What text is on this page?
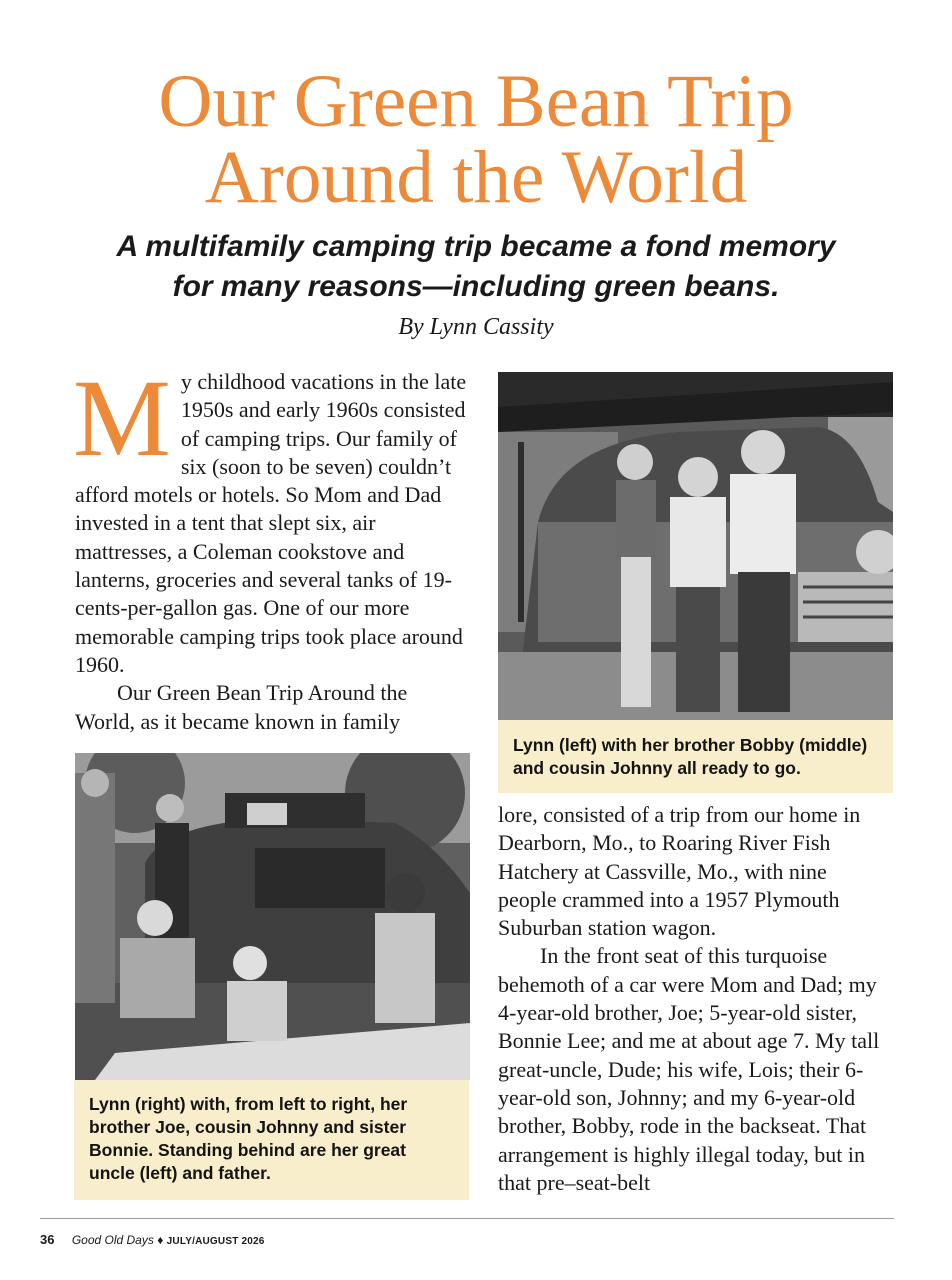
Our Green Bean Trip
Around the World
A multifamily camping trip became a fond memory
for many reasons—including green beans.
By Lynn Cassity

My childhood vacations in the late 1950s and early 1960s consisted of camping trips. Our family of six (soon to be seven) couldn’t afford motels or hotels. So Mom and Dad invested in a tent that slept six, air mattresses, a Coleman cookstove and lanterns, groceries and several tanks of 19-cents-per-gallon gas. One of our more memorable camping trips took place around 1960.

Our Green Bean Trip Around the World, as it became known in family

Lynn (left) with her brother Bobby (middle) and cousin Johnny all ready to go.
Lynn (right) with, from left to right, her brother Joe, cousin Johnny and sister Bonnie. Standing behind are her great uncle (left) and father.

lore, consisted of a trip from our home in Dearborn, Mo., to Roaring River Fish Hatchery at Cassville, Mo., with nine people crammed into a 1957 Plymouth Suburban station wagon.

In the front seat of this turquoise behemoth of a car were Mom and Dad; my 4-year-old brother, Joe; 5-year-old sister, Bonnie Lee; and me at about age 7. My tall great-uncle, Dude; his wife, Lois; their 6-year-old son, Johnny; and my 6-year-old brother, Bobby, rode in the backseat. That arrangement is highly illegal today, but in that pre–seat-belt

36 Good Old Days ♦ JULY/AUGUST 2026
